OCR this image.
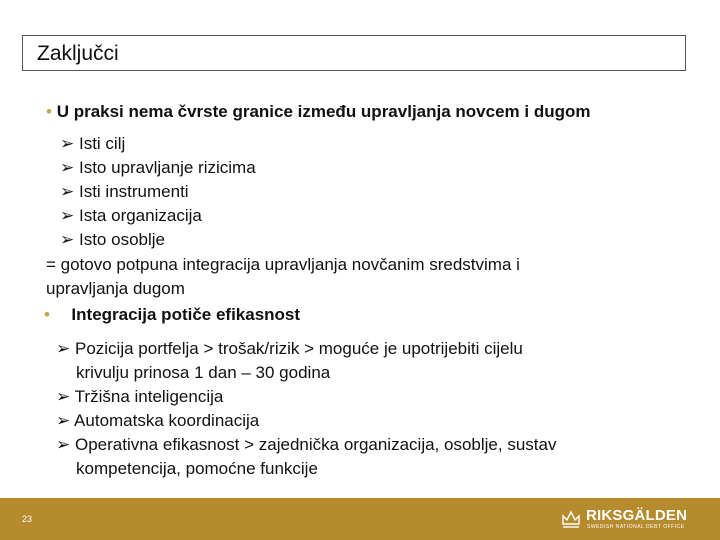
Zaključci
• U praksi nema čvrste granice između upravljanja novcem i dugom
➢ Isti cilj
➢ Isto upravljanje rizicima
➢ Isti instrumenti
➢ Ista organizacija
➢ Isto osoblje
= gotovo potpuna integracija upravljanja novčanim sredstvima i
upravljanja dugom
• Integracija potiče efikasnost
➢ Pozicija portfelja > trošak/rizik > moguće je upotrijebiti cijelu
krivulju prinosa 1 dan – 30 godina
➢ Tržišna inteligencija
➢ Automatska koordinacija
➢ Operativna efikasnost > zajednička organizacija, osoblje, sustav
kompetencija, pomoćne funkcije
23	RIKSGÄLDEN
SWEDISH NATIONAL DEBT OFFICE
